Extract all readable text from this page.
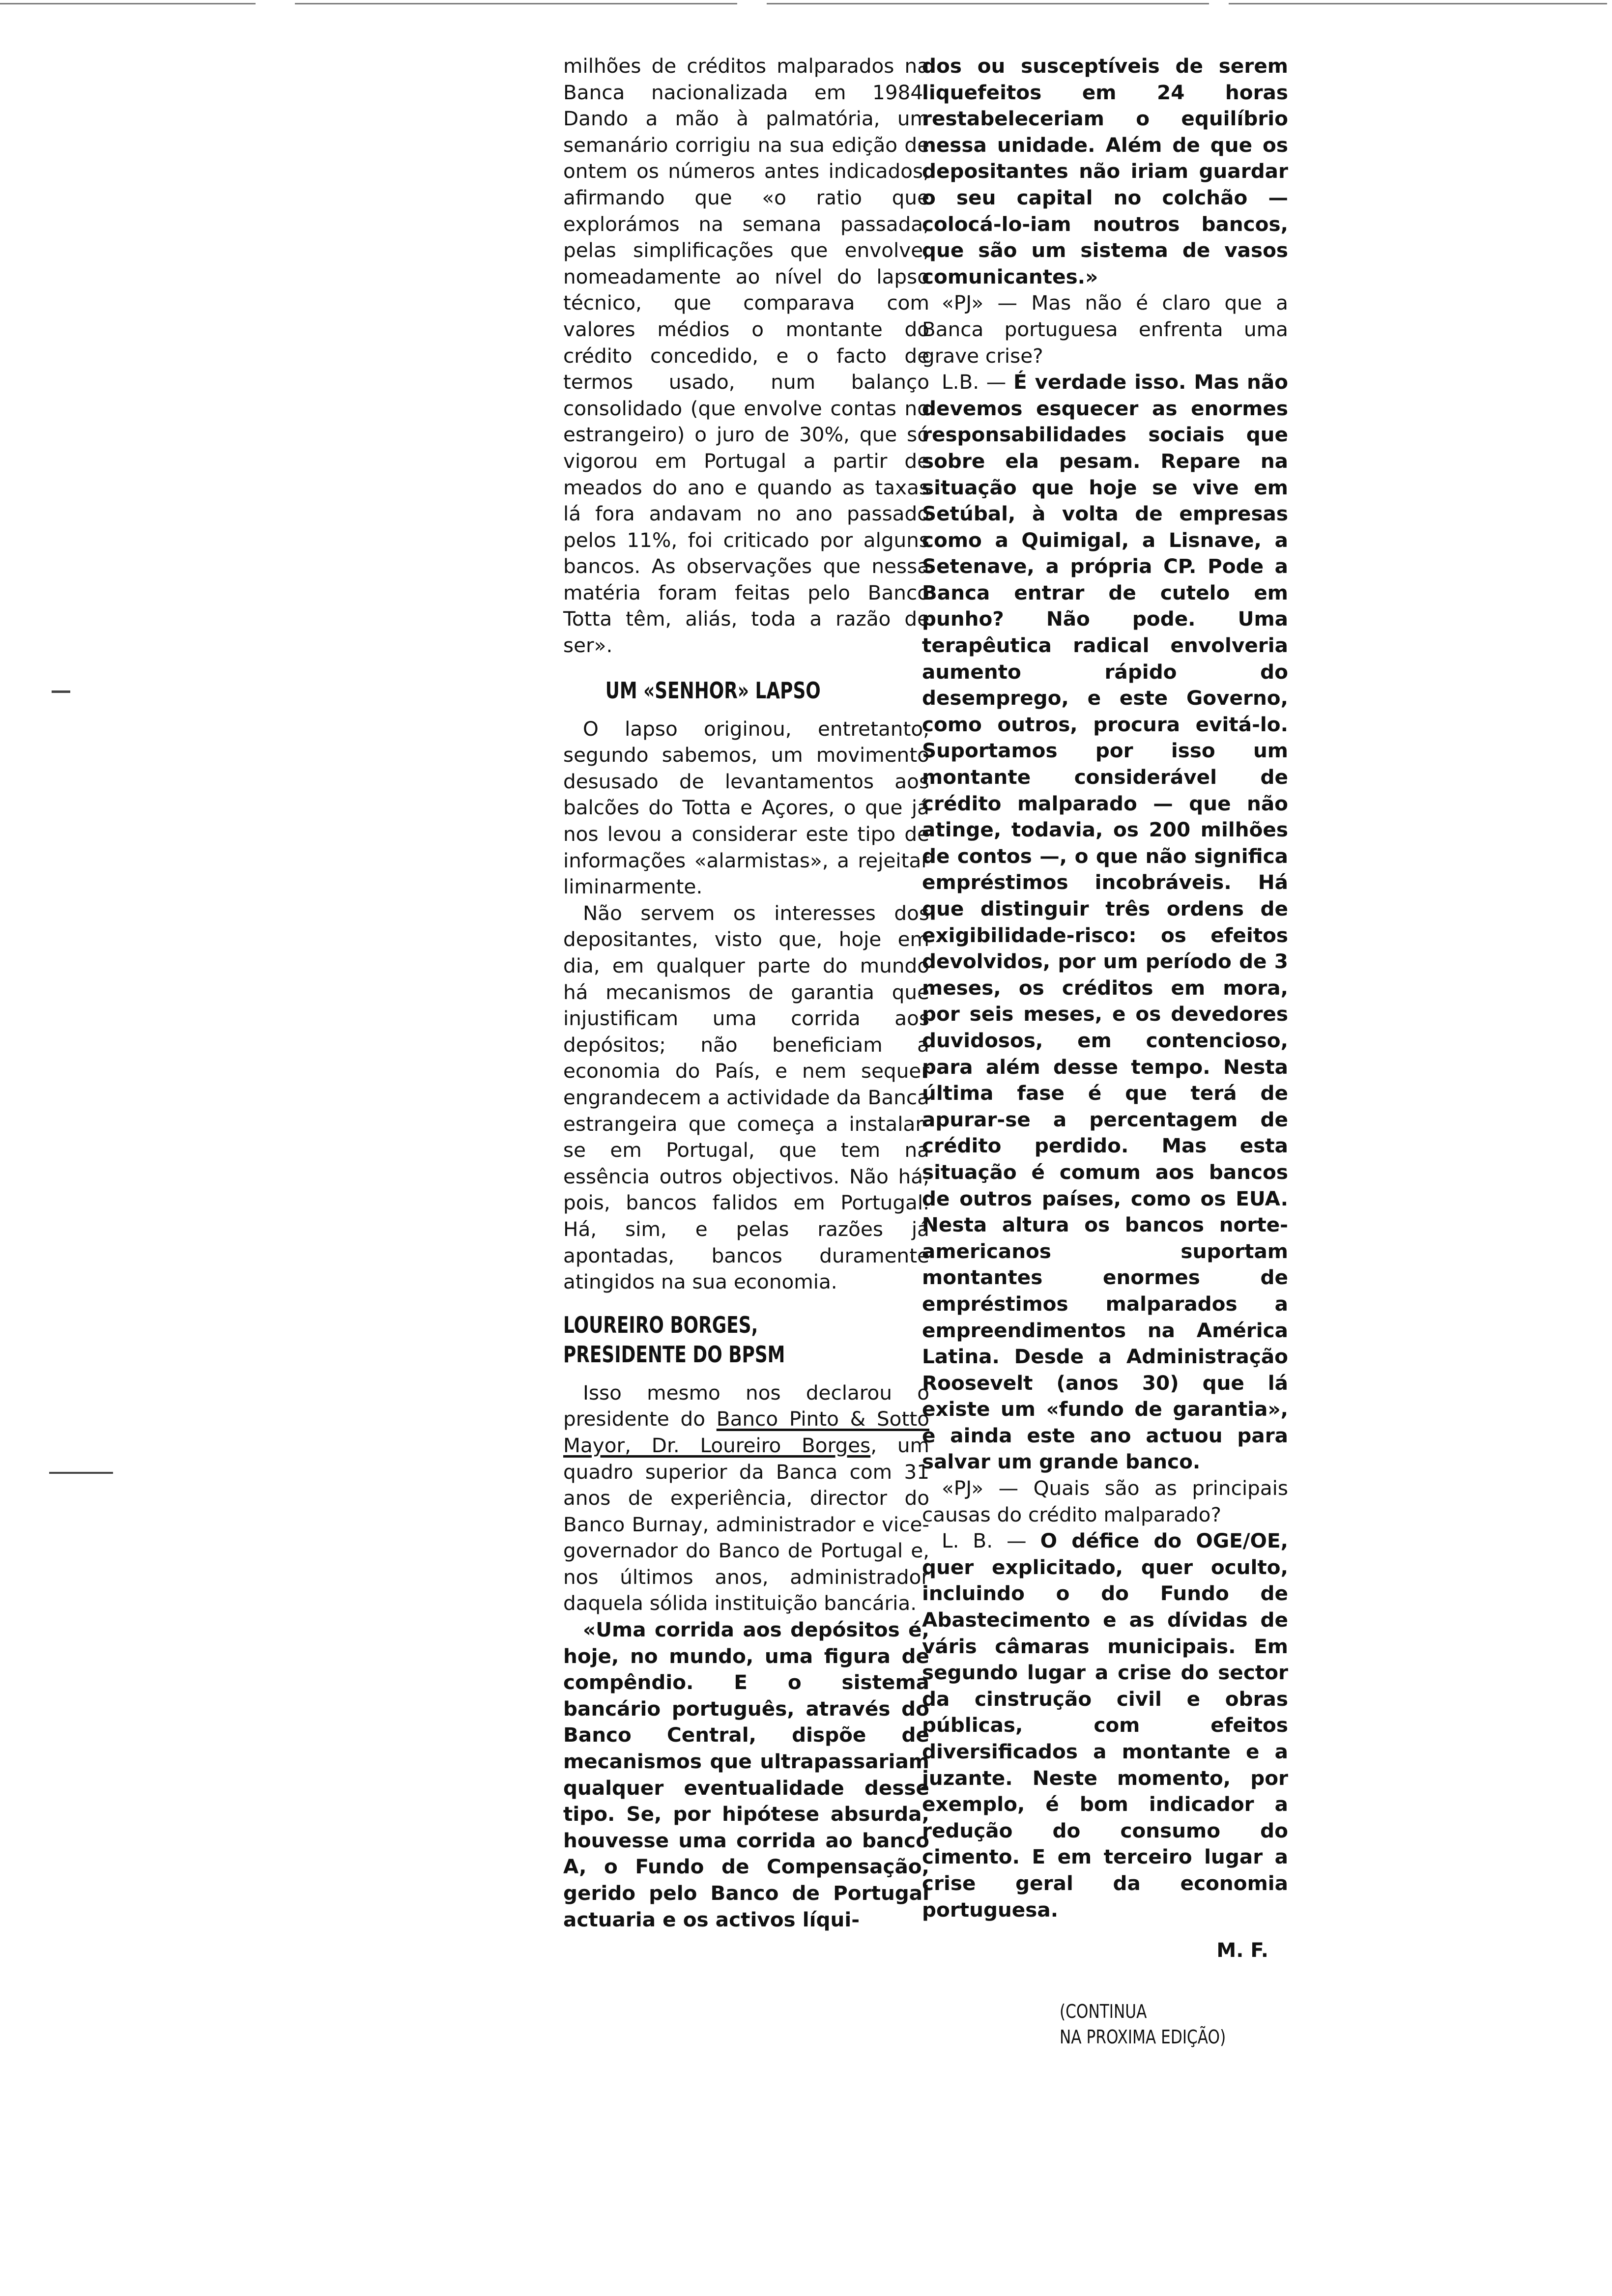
milhões de créditos malparados na Banca nacionalizada em 1984. Dando a mão à palmatória, um semanário corrigiu na sua edição de ontem os números antes indicados, afirmando que «o ratio que explorámos na semana passada, pelas simplificações que envolve, nomeadamente ao nível do lapso técnico, que comparava com valores médios o montante do crédito concedido, e o facto de termos usado, num balanço consolidado (que envolve contas no estrangeiro) o juro de 30%, que só vigorou em Portugal a partir de meados do ano e quando as taxas lá fora andavam no ano passado pelos 11%, foi criticado por alguns bancos. As observações que nessa matéria foram feitas pelo Banco Totta têm, aliás, toda a razão de ser».

UM «SENHOR» LAPSO

O lapso originou, entretanto, segundo sabemos, um movimento desusado de levantamentos aos balcões do Totta e Açores, o que já nos levou a considerar este tipo de informações «alarmistas», a rejeitar liminarmente.

Não servem os interesses dos depositantes, visto que, hoje em dia, em qualquer parte do mundo há mecanismos de garantia que injustificam uma corrida aos depósitos; não beneficiam a economia do País, e nem sequer engrandecem a actividade da Banca estrangeira que começa a instalar-se em Portugal, que tem na essência outros objectivos. Não há, pois, bancos falidos em Portugal. Há, sim, e pelas razões já apontadas, bancos duramente atingidos na sua economia.

LOUREIRO BORGES,
PRESIDENTE DO BPSM

Isso mesmo nos declarou o presidente do Banco Pinto & Sotto Mayor, Dr. Loureiro Borges, um quadro superior da Banca com 31 anos de experiência, director do Banco Burnay, administrador e vice-governador do Banco de Portugal e, nos últimos anos, administrador daquela sólida instituição bancária.

«Uma corrida aos depósitos é, hoje, no mundo, uma figura de compêndio. E o sistema bancário português, através do Banco Central, dispõe de mecanismos que ultrapassariam qualquer eventualidade desse tipo. Se, por hipótese absurda, houvesse uma corrida ao banco A, o Fundo de Compensação, gerido pelo Banco de Portugal actuaria e os activos líqui-

dos ou susceptíveis de serem liquefeitos em 24 horas restabeleceriam o equilíbrio nessa unidade. Além de que os depositantes não iriam guardar o seu capital no colchão — colocá-lo-iam noutros bancos, que são um sistema de vasos comunicantes.»

«PJ» — Mas não é claro que a Banca portuguesa enfrenta uma grave crise?

L.B. — É verdade isso. Mas não devemos esquecer as enormes responsabilidades sociais que sobre ela pesam. Repare na situação que hoje se vive em Setúbal, à volta de empresas como a Quimigal, a Lisnave, a Setenave, a própria CP. Pode a Banca entrar de cutelo em punho? Não pode. Uma terapêutica radical envolveria aumento rápido do desemprego, e este Governo, como outros, procura evitá-lo. Suportamos por isso um montante considerável de crédito malparado — que não atinge, todavia, os 200 milhões de contos —, o que não significa empréstimos incobráveis. Há que distinguir três ordens de exigibilidade-risco: os efeitos devolvidos, por um período de 3 meses, os créditos em mora, por seis meses, e os devedores duvidosos, em contencioso, para além desse tempo. Nesta última fase é que terá de apurar-se a percentagem de crédito perdido. Mas esta situação é comum aos bancos de outros países, como os EUA. Nesta altura os bancos norte-americanos suportam montantes enormes de empréstimos malparados a empreendimentos na América Latina. Desde a Administração Roosevelt (anos 30) que lá existe um «fundo de garantia», e ainda este ano actuou para salvar um grande banco.

«PJ» — Quais são as principais causas do crédito malparado?

L. B. — O défice do OGE/OE, quer explicitado, quer oculto, incluindo o do Fundo de Abastecimento e as dívidas de váris câmaras municipais. Em segundo lugar a crise do sector da cinstrução civil e obras públicas, com efeitos diversificados a montante e a juzante. Neste momento, por exemplo, é bom indicador a redução do consumo do cimento. E em terceiro lugar a crise geral da economia portuguesa.

M. F.
(CONTINUA
NA PROXIMA EDIÇÃO)
